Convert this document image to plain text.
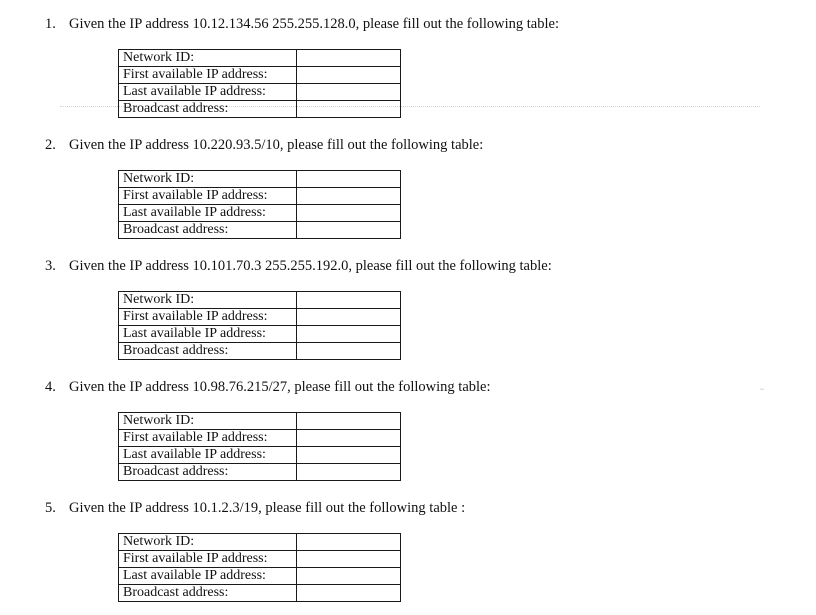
~
1. Given the IP address 10.12.134.56 255.255.128.0, please fill out the following table:
Network ID:	
First available IP address:	
Last available IP address:	
Broadcast address:	
2. Given the IP address 10.220.93.5/10, please fill out the following table:
Network ID:	
First available IP address:	
Last available IP address:	
Broadcast address:	
3. Given the IP address 10.101.70.3 255.255.192.0, please fill out the following table:
Network ID:	
First available IP address:	
Last available IP address:	
Broadcast address:	
4. Given the IP address 10.98.76.215/27, please fill out the following table:
Network ID:	
First available IP address:	
Last available IP address:	
Broadcast address:	
5. Given the IP address 10.1.2.3/19, please fill out the following table :
Network ID:	
First available IP address:	
Last available IP address:	
Broadcast address:	
